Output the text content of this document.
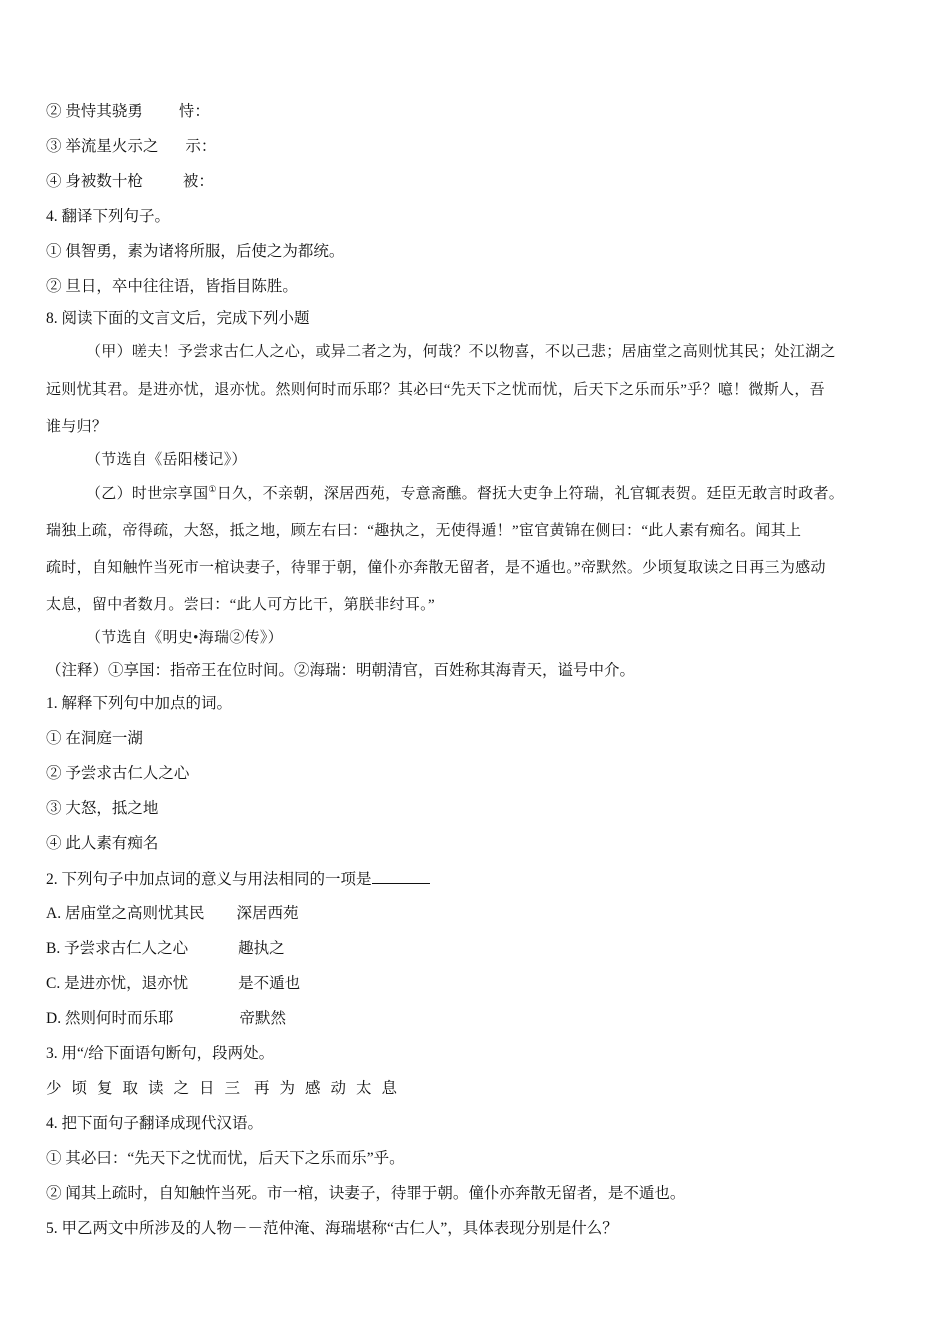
② 贵恃其骁勇 恃：
③ 举流星火示之 示：
④ 身被数十枪	被：
4. 翻译下列句子。
① 俱智勇，素为诸将所服，后使之为都统。
② 旦日，卒中往往语，皆指目陈胜。
8. 阅读下面的文言文后，完成下列小题
（甲）嗟夫！予尝求古仁人之心，或异二者之为，何哉？不以物喜，不以己悲；居庙堂之高则忧其民；处江湖之
远则忧其君。是进亦忧，退亦忧。然则何时而乐耶？其必曰“先天下之忧而忧，后天下之乐而乐”乎？噫！微斯人，吾
谁与归？
（节选自《岳阳楼记》）
（乙）时世宗享国①日久，不亲朝，深居西苑，专意斋醮。督抚大吏争上符瑞，礼官辄表贺。廷臣无敢言时政者。
瑞独上疏，帝得疏，大怒，抵之地，顾左右曰：“趣执之，无使得遁！”宦官黄锦在侧曰：“此人素有痴名。闻其上
疏时，自知触忤当死市一棺诀妻子，待罪于朝，僮仆亦奔散无留者，是不遁也。”帝默然。少顷复取读之日再三为感动
太息，留中者数月。尝曰：“此人可方比干，第朕非纣耳。”
（节选自《明史•海瑞②传》）
（注释）①享国：指帝王在位时间。②海瑞：明朝清官，百姓称其海青天，谥号中介。
1. 解释下列句中加点的词。
① 在洞庭一湖
② 予尝求古仁人之心
③ 大怒，抵之地
④ 此人素有痴名
2. 下列句子中加点词的意义与用法相同的一项是
A. 居庙堂之高则忧其民 深居西苑
B. 予尝求古仁人之心	趣执之
C. 是进亦忧，退亦忧	是不遁也
D. 然则何时而乐耶	帝默然
3. 用“/给下面语句断句，段两处。
少顷复取读之日三 再为感动太息
4. 把下面句子翻译成现代汉语。
① 其必曰：“先天下之忧而忧，后天下之乐而乐”乎。
② 闻其上疏时，自知触忤当死。市一棺，诀妻子，待罪于朝。僮仆亦奔散无留者，是不遁也。
5. 甲乙两文中所涉及的人物－－范仲淹、海瑞堪称“古仁人”，具体表现分别是什么？
